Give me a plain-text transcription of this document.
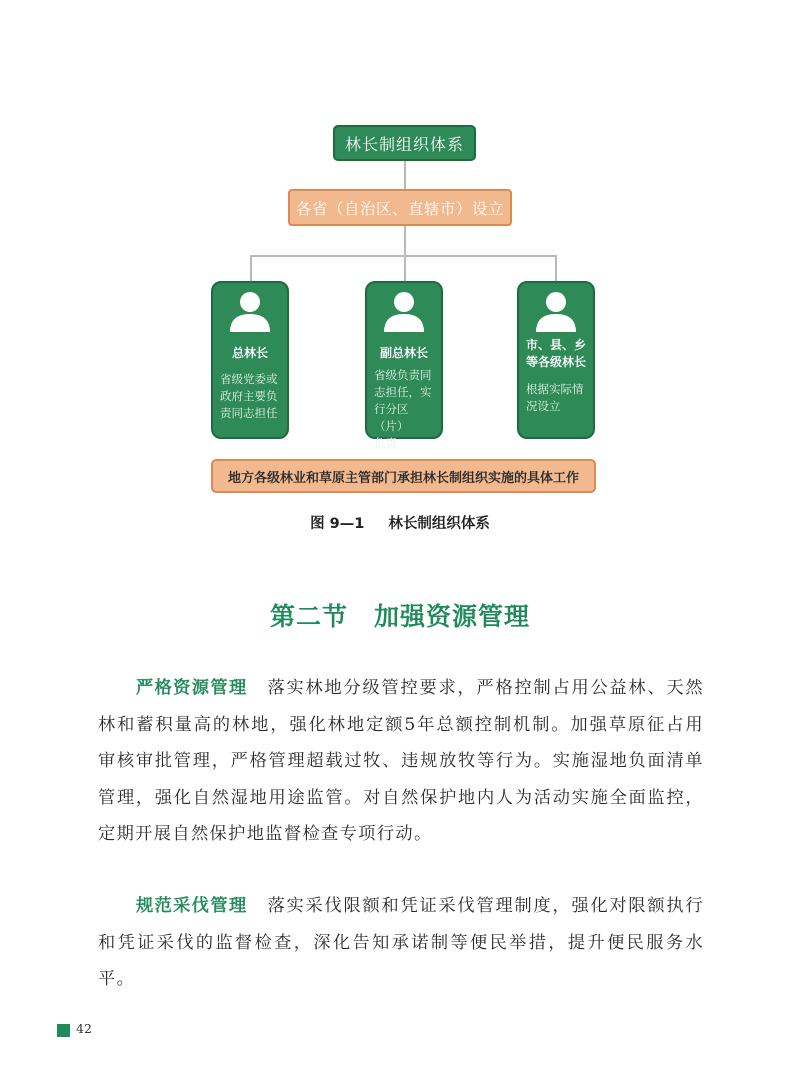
林长制组织体系
各省（自治区、直辖市）设立
总林长
省级党委或
政府主要负
责同志担任
副总林长
省级负责同
志担任，实
行分区（片）
负责
市、县、乡
等各级林长
根据实际情
况设立
地方各级林业和草原主管部门承担林长制组织实施的具体工作
图 9—1 林长制组织体系
第二节 加强资源管理
严格资源管理 落实林地分级管控要求，严格控制占用公益林、天然林和蓄积量高的林地，强化林地定额5年总额控制机制。加强草原征占用审核审批管理，严格管理超载过牧、违规放牧等行为。实施湿地负面清单管理，强化自然湿地用途监管。对自然保护地内人为活动实施全面监控，定期开展自然保护地监督检查专项行动。
规范采伐管理 落实采伐限额和凭证采伐管理制度，强化对限额执行和凭证采伐的监督检查，深化告知承诺制等便民举措，提升便民服务水平。
42
